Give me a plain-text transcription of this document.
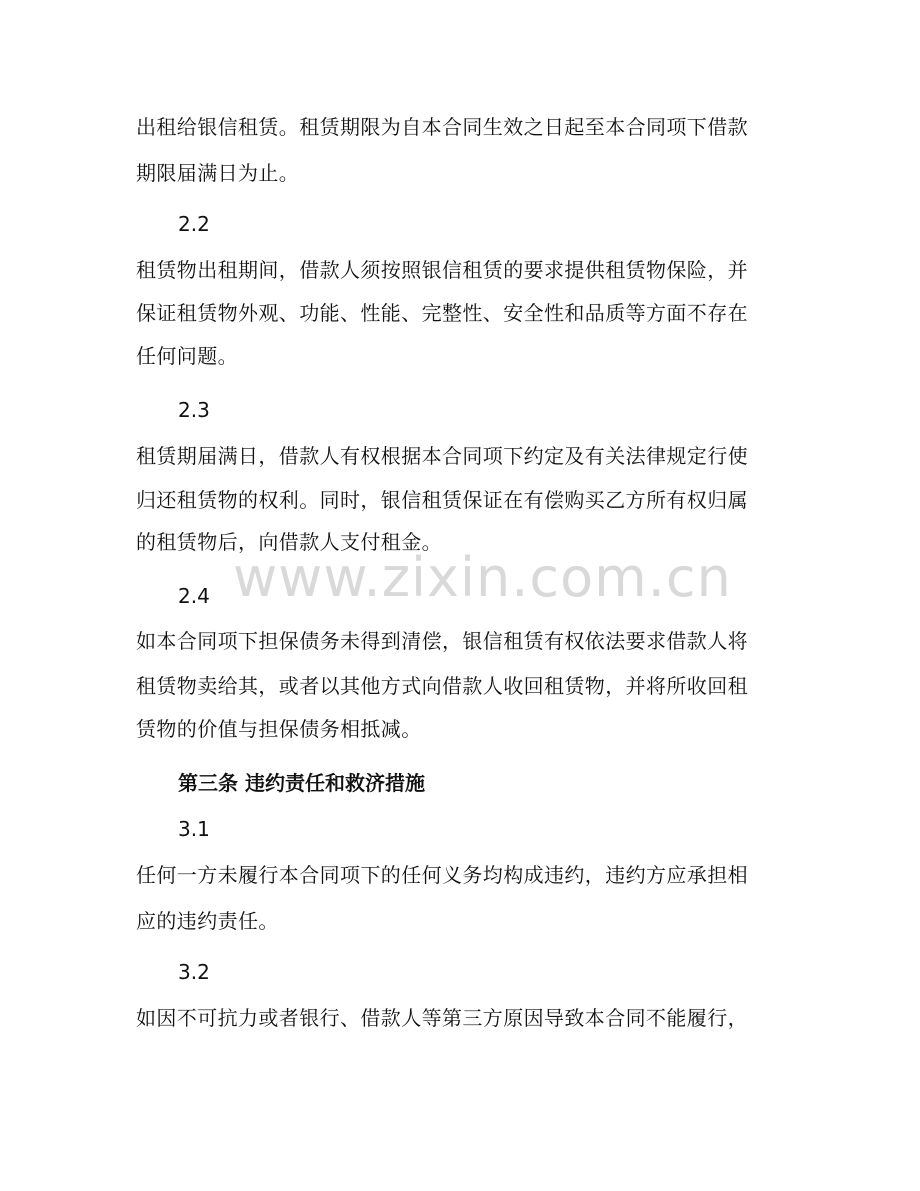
出租给银信租赁。租赁期限为自本合同生效之日起至本合同项下借款
期限届满日为止。
2.2
租赁物出租期间，借款人须按照银信租赁的要求提供租赁物保险，并
保证租赁物外观、功能、性能、完整性、安全性和品质等方面不存在
任何问题。
2.3
租赁期届满日，借款人有权根据本合同项下约定及有关法律规定行使
归还租赁物的权利。同时，银信租赁保证在有偿购买乙方所有权归属
的租赁物后，向借款人支付租金。
2.4
如本合同项下担保债务未得到清偿，银信租赁有权依法要求借款人将
租赁物卖给其，或者以其他方式向借款人收回租赁物，并将所收回租
赁物的价值与担保债务相抵减。
第三条 违约责任和救济措施
3.1
任何一方未履行本合同项下的任何义务均构成违约，违约方应承担相
应的违约责任。
3.2
如因不可抗力或者银行、借款人等第三方原因导致本合同不能履行，
www.zixin.com.cn
